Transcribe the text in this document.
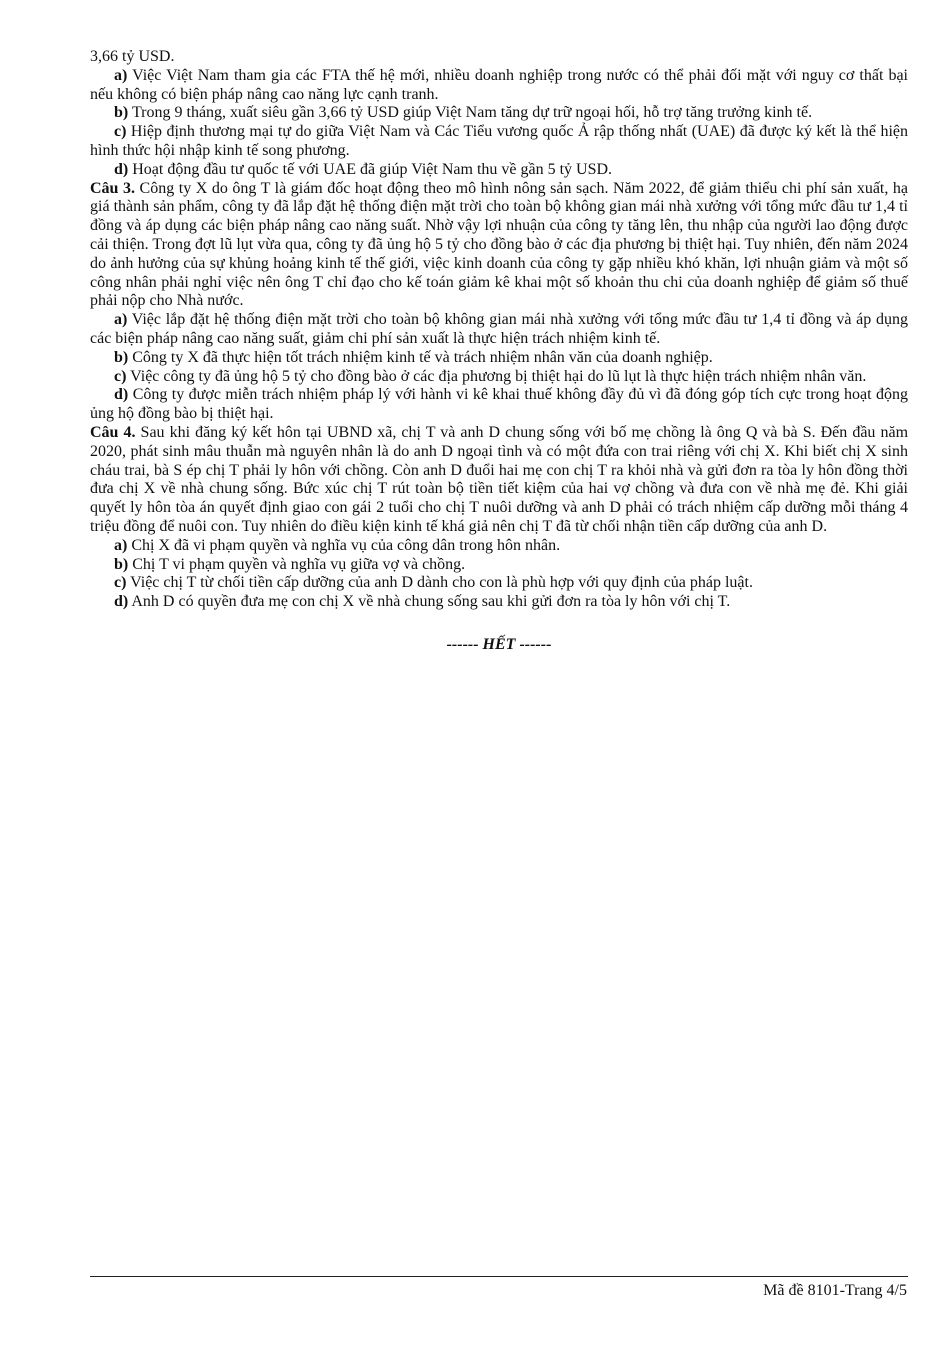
3,66 tỷ USD.

a) Việc Việt Nam tham gia các FTA thế hệ mới, nhiều doanh nghiệp trong nước có thể phải đối mặt với nguy cơ thất bại nếu không có biện pháp nâng cao năng lực cạnh tranh.

b) Trong 9 tháng, xuất siêu gần 3,66 tỷ USD giúp Việt Nam tăng dự trữ ngoại hối, hỗ trợ tăng trưởng kinh tế.

c) Hiệp định thương mại tự do giữa Việt Nam và Các Tiểu vương quốc Ả rập thống nhất (UAE) đã được ký kết là thể hiện hình thức hội nhập kinh tế song phương.

d) Hoạt động đầu tư quốc tế với UAE đã giúp Việt Nam thu về gần 5 tỷ USD.

Câu 3. Công ty X do ông T là giám đốc hoạt động theo mô hình nông sản sạch. Năm 2022, để giảm thiểu chi phí sản xuất, hạ giá thành sản phẩm, công ty đã lắp đặt hệ thống điện mặt trời cho toàn bộ không gian mái nhà xưởng với tổng mức đầu tư 1,4 tỉ đồng và áp dụng các biện pháp nâng cao năng suất. Nhờ vậy lợi nhuận của công ty tăng lên, thu nhập của người lao động được cải thiện. Trong đợt lũ lụt vừa qua, công ty đã ủng hộ 5 tỷ cho đồng bào ở các địa phương bị thiệt hại. Tuy nhiên, đến năm 2024 do ảnh hưởng của sự khủng hoảng kinh tế thế giới, việc kinh doanh của công ty gặp nhiều khó khăn, lợi nhuận giảm và một số công nhân phải nghỉ việc nên ông T chỉ đạo cho kế toán giảm kê khai một số khoản thu chi của doanh nghiệp để giảm số thuế phải nộp cho Nhà nước.

a) Việc lắp đặt hệ thống điện mặt trời cho toàn bộ không gian mái nhà xưởng với tổng mức đầu tư 1,4 tỉ đồng và áp dụng các biện pháp nâng cao năng suất, giảm chi phí sản xuất là thực hiện trách nhiệm kinh tế.

b) Công ty X đã thực hiện tốt trách nhiệm kinh tế và trách nhiệm nhân văn của doanh nghiệp.

c) Việc công ty đã ủng hộ 5 tỷ cho đồng bào ở các địa phương bị thiệt hại do lũ lụt là thực hiện trách nhiệm nhân văn.

d) Công ty được miễn trách nhiệm pháp lý với hành vi kê khai thuế không đầy đủ vì đã đóng góp tích cực trong hoạt động ủng hộ đồng bào bị thiệt hại.

Câu 4. Sau khi đăng ký kết hôn tại UBND xã, chị T và anh D chung sống với bố mẹ chồng là ông Q và bà S. Đến đầu năm 2020, phát sinh mâu thuẫn mà nguyên nhân là do anh D ngoại tình và có một đứa con trai riêng với chị X. Khi biết chị X sinh cháu trai, bà S ép chị T phải ly hôn với chồng. Còn anh D đuổi hai mẹ con chị T ra khỏi nhà và gửi đơn ra tòa ly hôn đồng thời đưa chị X về nhà chung sống. Bức xúc chị T rút toàn bộ tiền tiết kiệm của hai vợ chồng và đưa con về nhà mẹ đẻ. Khi giải quyết ly hôn tòa án quyết định giao con gái 2 tuổi cho chị T nuôi dưỡng và anh D phải có trách nhiệm cấp dưỡng mỗi tháng 4 triệu đồng để nuôi con. Tuy nhiên do điều kiện kinh tế khá giả nên chị T đã từ chối nhận tiền cấp dưỡng của anh D.

a) Chị X đã vi phạm quyền và nghĩa vụ của công dân trong hôn nhân.

b) Chị T vi phạm quyền và nghĩa vụ giữa vợ và chồng.

c) Việc chị T từ chối tiền cấp dưỡng của anh D dành cho con là phù hợp với quy định của pháp luật.

d) Anh D có quyền đưa mẹ con chị X về nhà chung sống sau khi gửi đơn ra tòa ly hôn với chị T.

------ HẾT ------

Mã đề 8101-Trang 4/5
